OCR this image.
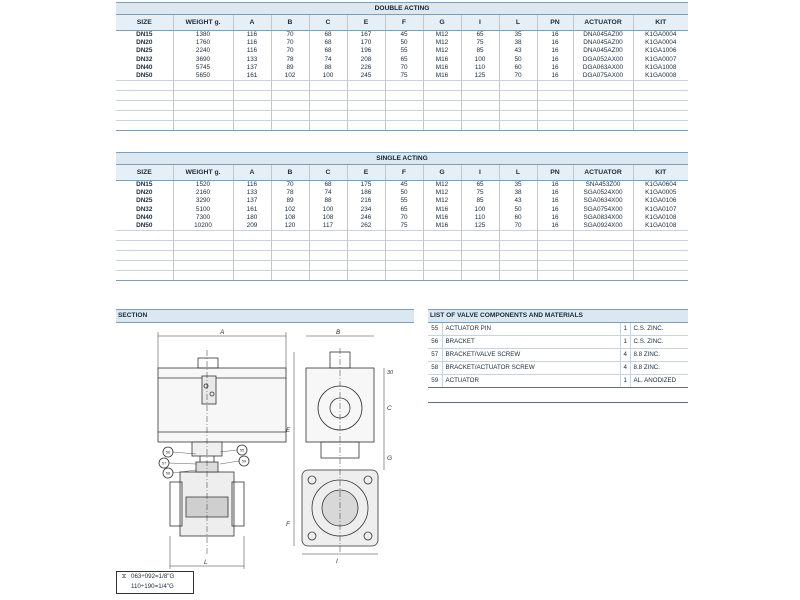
DOUBLE ACTING												
SIZE	WEIGHT g.	A	B	C	E	F	G	I	L	PN	ACTUATOR	KIT
DN15	1380	116	70	68	167	45	M12	65	35	16	DNA045AZ00	K1GA0004
DN20	1760	116	70	68	170	50	M12	75	38	16	DNA045AZ00	K1GA0004
DN25	2240	116	70	68	196	55	M12	85	43	16	DNA045AZ00	K1GA1006
DN32	3690	133	78	74	208	65	M16	100	50	16	DGA052AX00	K1GA0007
DN40	5745	137	89	88	226	70	M16	110	60	16	DGA063AX00	K1GA1008
DN50	5650	161	102	100	245	75	M16	125	70	16	DGA075AX00	K1GA0008

SINGLE ACTING												
SIZE	WEIGHT g.	A	B	C	E	F	G	I	L	PN	ACTUATOR	KIT
DN15	1520	116	70	68	175	45	M12	65	35	16	SNA453Z00	K1GA0604
DN20	2160	133	78	74	186	50	M12	75	38	16	SGA0524X00	K1GA0005
DN25	3290	137	89	88	216	55	M12	85	43	16	SGA0634X00	K1GA0106
DN32	5100	161	102	100	234	65	M16	100	50	16	SGA0754X00	K1GA0107
DN40	7300	180	108	108	246	70	M16	110	60	16	SGA0834X00	K1GA0108
DN50	10200	209	120	117	262	75	M16	125	70	16	SGA0924X00	K1GA0108

SECTION	LIST OF VALVE COMPONENTS AND MATERIALS
55	ACTUATOR PIN	1	C.S. ZINC.
56	BRACKET	1	C.S. ZINC.
57	BRACKET/VALVE SCREW	4	8.8 ZINC.
58	BRACKET/ACTUATOR SCREW	4	8.8 ZINC.
59	ACTUATOR	1	AL. ANODIZED

A
L
B
C
30
G
E
F
I
55
56
57
58
59
⧖ 063÷092=1/8"G
110÷190=1/4"G
